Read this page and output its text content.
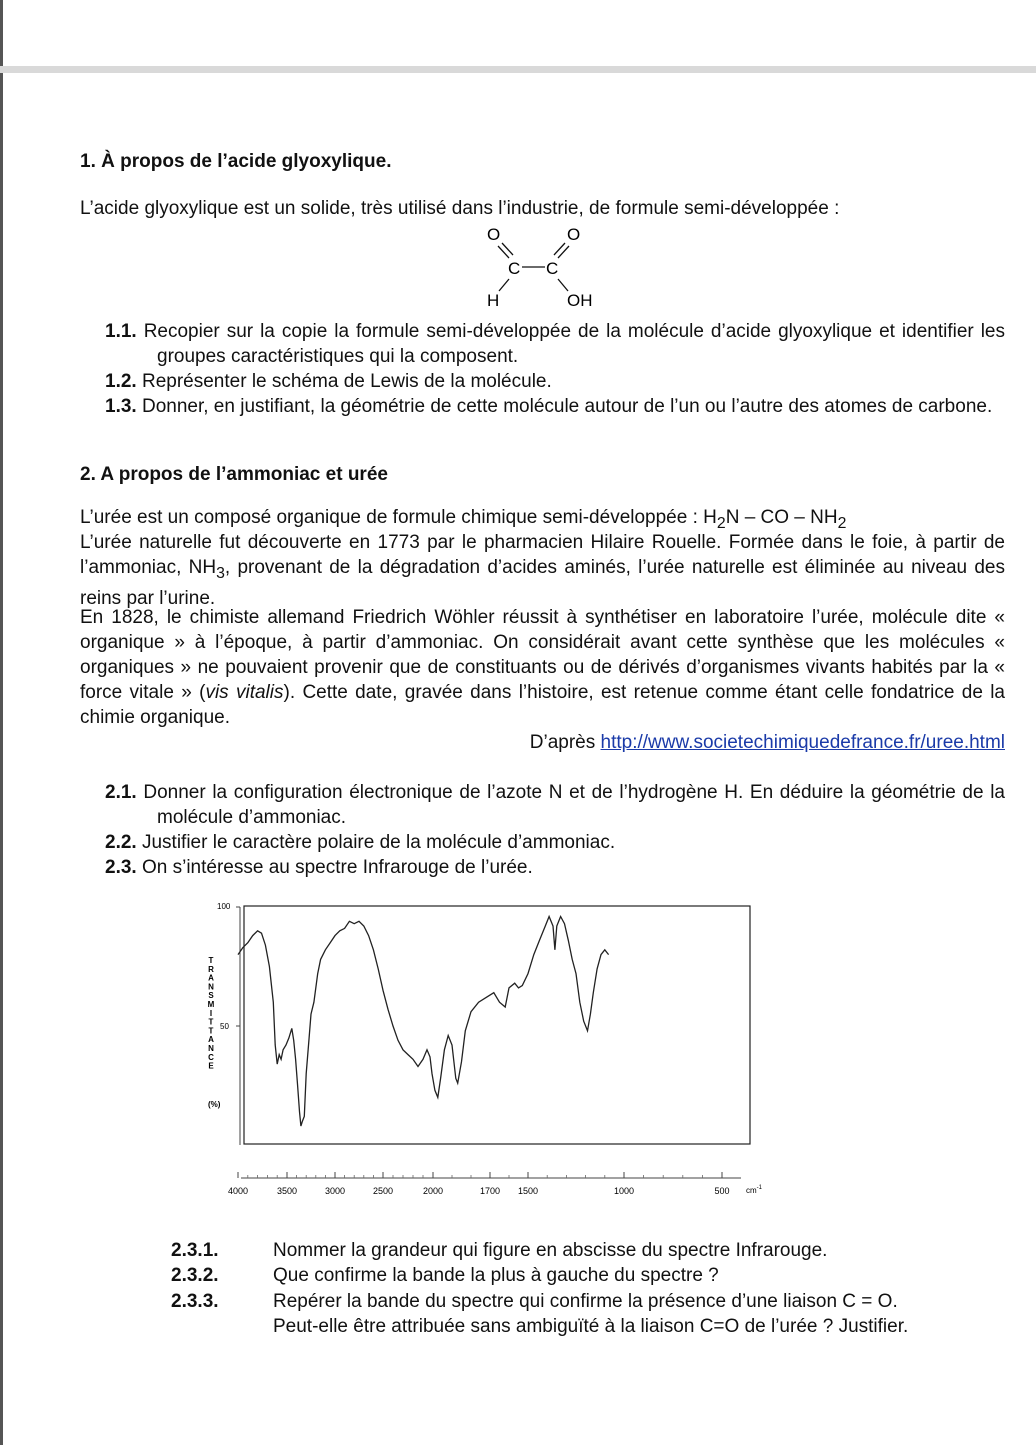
1. À propos de l’acide glyoxylique.
L’acide glyoxylique est un solide, très utilisé dans l’industrie, de formule semi-développée :
O	O
C C
H	OH
1.1. Recopier sur la copie la formule semi-développée de la molécule d’acide glyoxylique et identifier les groupes caractéristiques qui la composent.
1.2. Représenter le schéma de Lewis de la molécule.
1.3. Donner, en justifiant, la géométrie de cette molécule autour de l’un ou l’autre des atomes de carbone.
2. A propos de l’ammoniac et urée
L’urée est un composé organique de formule chimique semi-développée : $H_2N$ – CO – $NH_2$
L’urée naturelle fut découverte en 1773 par le pharmacien Hilaire Rouelle. Formée dans le foie, à partir de l’ammoniac, $NH_3$, provenant de la dégradation d’acides aminés, l’urée naturelle est éliminée au niveau des reins par l’urine.
En 1828, le chimiste allemand Friedrich Wöhler réussit à synthétiser en laboratoire l’urée, molécule dite « organique » à l’époque, à partir d’ammoniac. On considérait avant cette synthèse que les molécules « organiques » ne pouvaient provenir que de constituants ou de dérivés d’organismes vivants habités par la « force vitale » (vis vitalis). Cette date, gravée dans l’histoire, est retenue comme étant celle fondatrice de la chimie organique.
D’après http://www.societechimiquedefrance.fr/uree.html
2.1. Donner la configuration électronique de l’azote N et de l’hydrogène H. En déduire la géométrie de la molécule d’ammoniac.
2.2. Justifier le caractère polaire de la molécule d’ammoniac.
2.3. On s’intéresse au spectre Infrarouge de l’urée.
T
R
A
N
S
M
I
T
T
A
N
C
E
(%)
100
50
4000	3500	3000	2500	2000	1700 1500	1000	500 $cm^{-1}$
2.3.1.	Nommer la grandeur qui figure en abscisse du spectre Infrarouge.
2.3.2.	Que confirme la bande la plus à gauche du spectre ?
2.3.3.	Repérer la bande du spectre qui confirme la présence d’une liaison C = O.
Peut-elle être attribuée sans ambiguïté à la liaison C=O de l’urée ? Justifier.
